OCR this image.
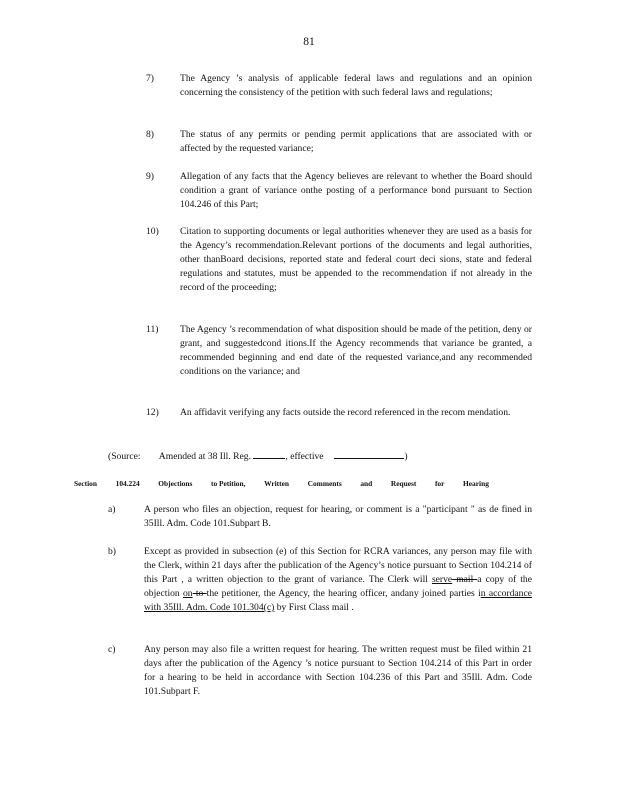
81
7)	The Agency ’s analysis of applicable federal laws and regulations and an opinion concerning the consistency of the petition with such federal laws and regulations;
8)	The status of any permits or pending permit applications that are associated with or affected by the requested variance;
9)	Allegation of any facts that the Agency believes are relevant to whether the Board should condition a grant of variance onthe posting of a performance bond pursuant to Section 104.246 of this Part;
10) Citation to supporting documents or legal authorities whenever they are used as a basis for the Agency’s recommendation.Relevant portions of the documents and legal authorities, other thanBoard decisions, reported state and federal court deci sions, state and federal regulations and statutes, must be appended to the recommendation if not already in the record of the proceeding;
11) The Agency ’s recommendation of what disposition should be made of the petition, deny or grant, and suggestedcond itions.If the Agency recommends that variance be granted, a recommended beginning and end date of the requested variance,and any recommended conditions on the variance; and
12) An affidavit verifying any facts outside the record referenced in the recom mendation.
(Source: Amended at 38 Ill. Reg.	, effective	)
Section	104.224	Objections	to Petition,	Written	Comments	and	Request	for	Hearing
a)	A person who files an objection, request for hearing, or comment is a "participant " as de fined in 35Ill. Adm. Code 101.Subpart B.
b)	Except as provided in subsection (e) of this Section for RCRA variances, any person may file with the Clerk, within 21 days after the publication of the Agency’s notice pursuant to Section 104.214 of this Part , a written objection to the grant of variance. The Clerk will serve mail a copy of the objection on to the petitioner, the Agency, the hearing officer, andany joined parties in accordance with 35Ill. Adm. Code 101.304(c) by First Class mail .
c)	Any person may also file a written request for hearing. The written request must be filed within 21 days after the publication of the Agency ’s notice pursuant to Section 104.214 of this Part in order for a hearing to be held in accordance with Section 104.236 of this Part and 35Ill. Adm. Code 101.Subpart F.
